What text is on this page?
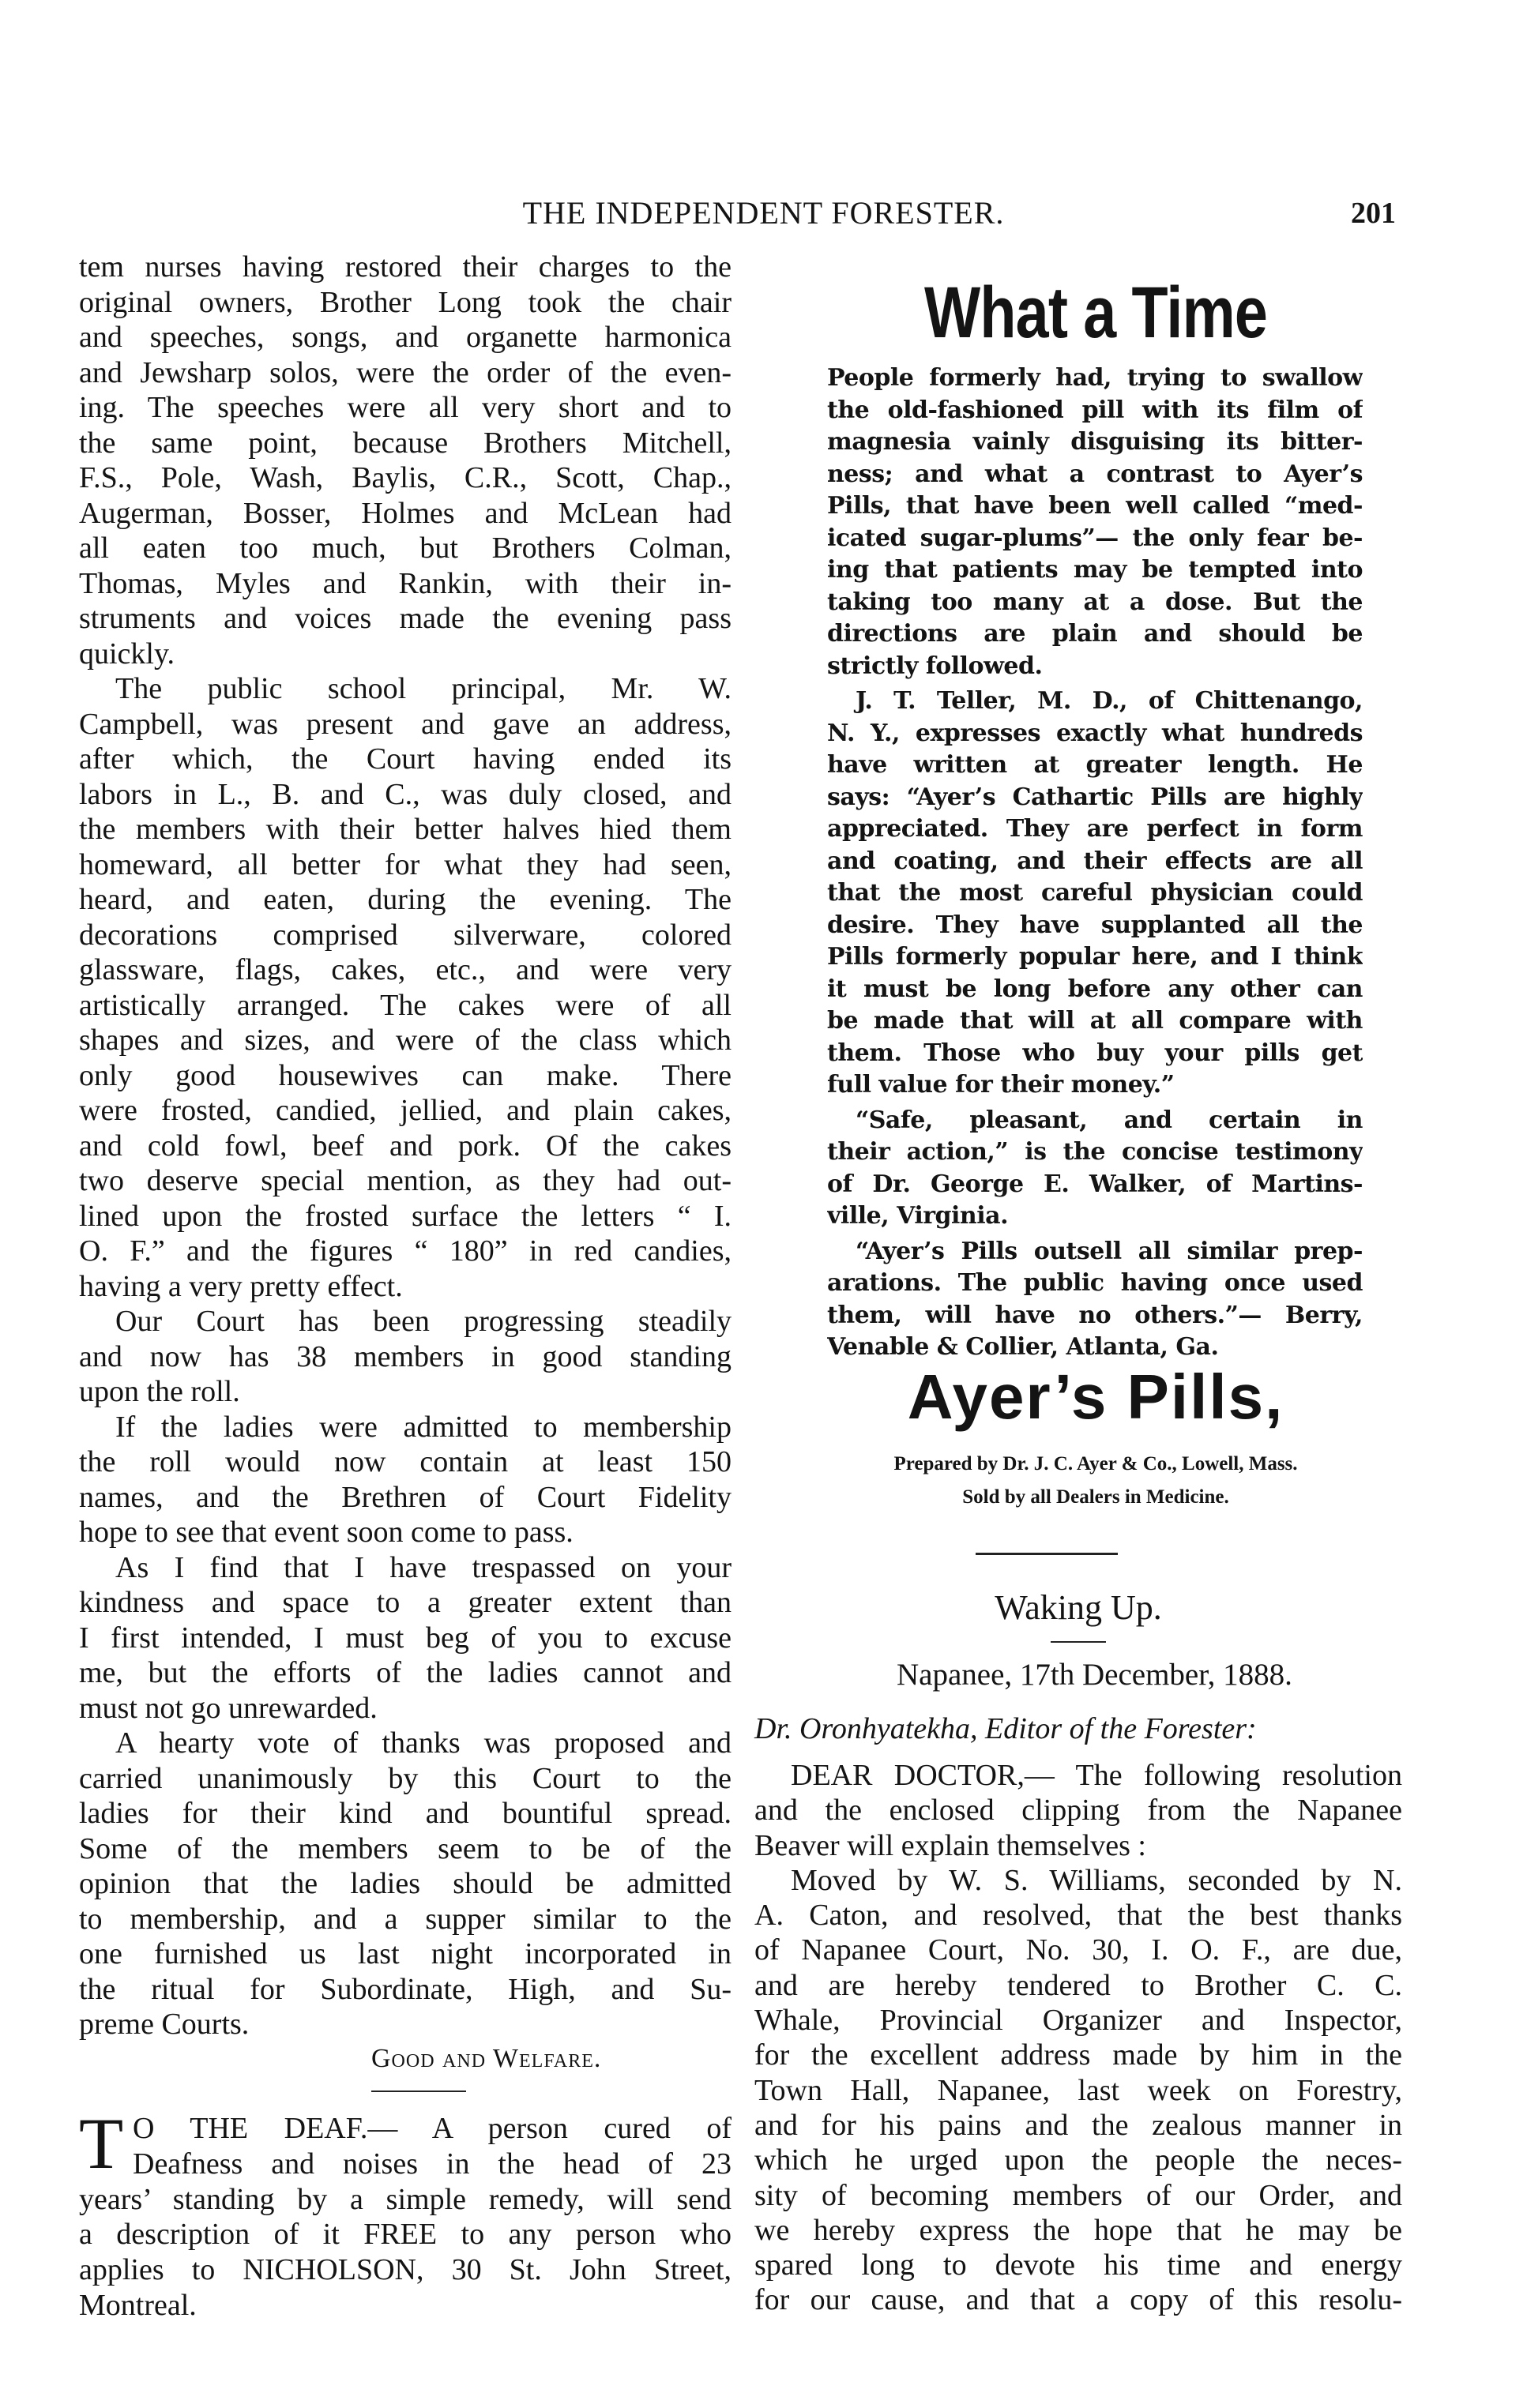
THE INDEPENDENT FORESTER.	201
tem nurses having restored their charges to the
original owners, Brother Long took the chair
and speeches, songs, and organette harmonica
and Jewsharp solos, were the order of the even-
ing. The speeches were all very short and to
the same point, because Brothers Mitchell,
F.S., Pole, Wash, Baylis, C.R., Scott, Chap.,
Augerman, Bosser, Holmes and McLean had
all eaten too much, but Brothers Colman,
Thomas, Myles and Rankin, with their in-
struments and voices made the evening pass
quickly.
The public school principal, Mr. W.
Campbell, was present and gave an address,
after which, the Court having ended its
labors in L., B. and C., was duly closed, and
the members with their better halves hied them
homeward, all better for what they had seen,
heard, and eaten, during the evening. The
decorations comprised silverware, colored
glassware, flags, cakes, etc., and were very
artistically arranged. The cakes were of all
shapes and sizes, and were of the class which
only good housewives can make. There
were frosted, candied, jellied, and plain cakes,
and cold fowl, beef and pork. Of the cakes
two deserve special mention, as they had out-
lined upon the frosted surface the letters “ I.
O. F.” and the figures “ 180” in red candies,
having a very pretty effect.
Our Court has been progressing steadily
and now has 38 members in good standing
upon the roll.
If the ladies were admitted to membership
the roll would now contain at least 150
names, and the Brethren of Court Fidelity
hope to see that event soon come to pass.
As I find that I have trespassed on your
kindness and space to a greater extent than
I first intended, I must beg of you to excuse
me, but the efforts of the ladies cannot and
must not go unrewarded.
A hearty vote of thanks was proposed and
carried unanimously by this Court to the
ladies for their kind and bountiful spread.
Some of the members seem to be of the
opinion that the ladies should be admitted
to membership, and a supper similar to the
one furnished us last night incorporated in
the ritual for Subordinate, High, and Su-
preme Courts.
Good and Welfare.
T O THE DEAF.— A person cured of
Deafness and noises in the head of 23
years’ standing by a simple remedy, will send
a description of it FREE to any person who
applies to NICHOLSON, 30 St. John Street,
Montreal.
What a Time
People formerly had, trying to swallow
the old-fashioned pill with its film of
magnesia vainly disguising its bitter-
ness; and what a contrast to Ayer’s
Pills, that have been well called “med-
icated sugar-plums”— the only fear be-
ing that patients may be tempted into
taking too many at a dose. But the
directions are plain and should be
strictly followed.
J. T. Teller, M. D., of Chittenango,
N. Y., expresses exactly what hundreds
have written at greater length. He
says: “Ayer’s Cathartic Pills are highly
appreciated. They are perfect in form
and coating, and their effects are all
that the most careful physician could
desire. They have supplanted all the
Pills formerly popular here, and I think
it must be long before any other can
be made that will at all compare with
them. Those who buy your pills get
full value for their money.”
“Safe, pleasant, and certain in
their action,” is the concise testimony
of Dr. George E. Walker, of Martins-
ville, Virginia.
“Ayer’s Pills outsell all similar prep-
arations. The public having once used
them, will have no others.”— Berry,
Venable & Collier, Atlanta, Ga.
Ayer’s Pills,
Prepared by Dr. J. C. Ayer & Co., Lowell, Mass.
Sold by all Dealers in Medicine.
Waking Up.
Napanee, 17th December, 1888.
Dr. Oronhyatekha, Editor of the Forester:
DEAR DOCTOR,— The following resolution
and the enclosed clipping from the Napanee
Beaver will explain themselves :
Moved by W. S. Williams, seconded by N.
A. Caton, and resolved, that the best thanks
of Napanee Court, No. 30, I. O. F., are due,
and are hereby tendered to Brother C. C.
Whale, Provincial Organizer and Inspector,
for the excellent address made by him in the
Town Hall, Napanee, last week on Forestry,
and for his pains and the zealous manner in
which he urged upon the people the neces-
sity of becoming members of our Order, and
we hereby express the hope that he may be
spared long to devote his time and energy
for our cause, and that a copy of this resolu-
